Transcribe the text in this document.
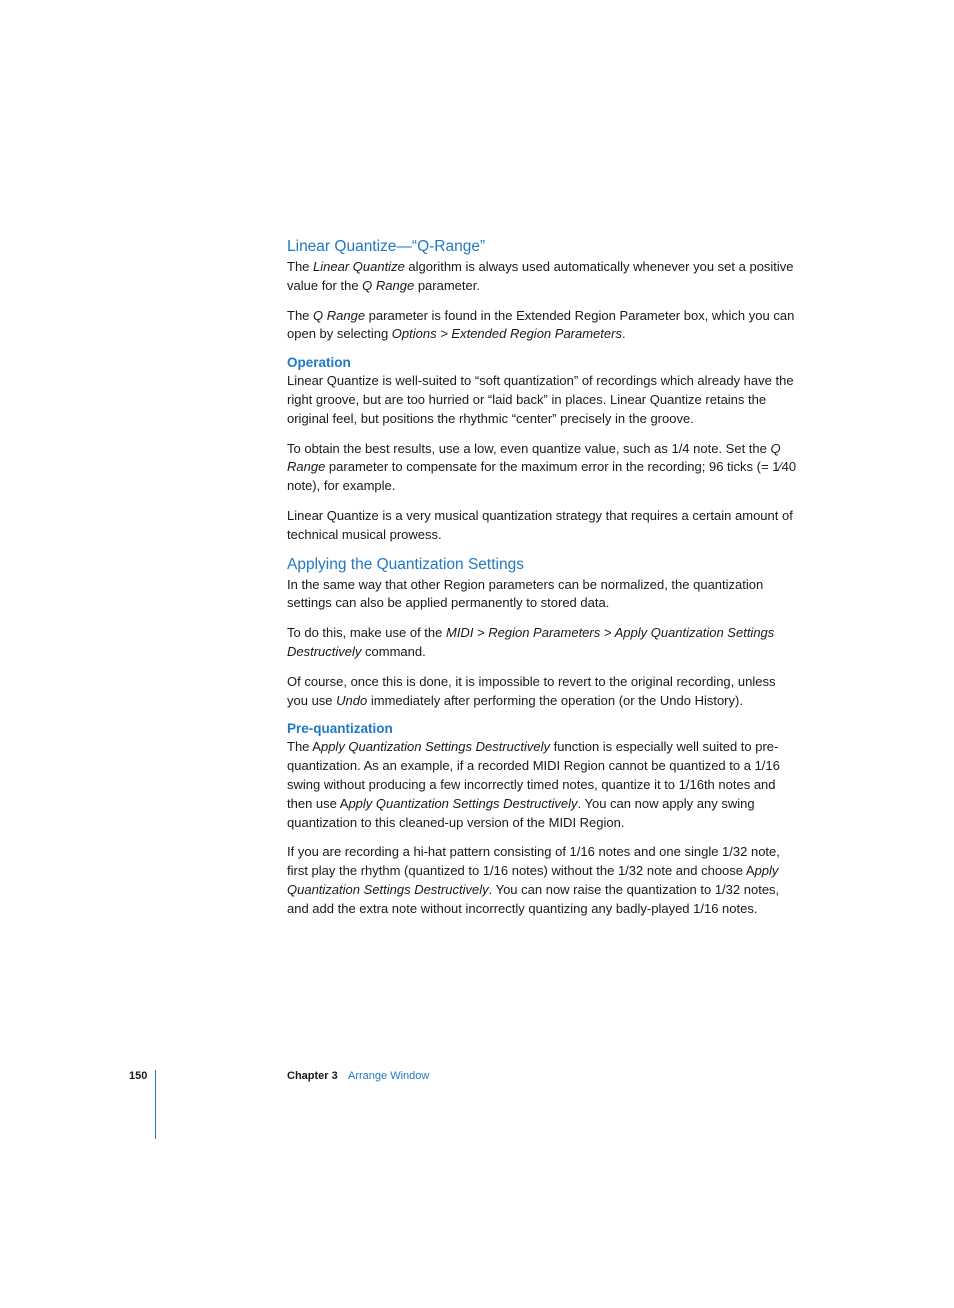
Linear Quantize—“Q-Range”

The Linear Quantize algorithm is always used automatically whenever you set a positive value for the Q Range parameter.

The Q Range parameter is found in the Extended Region Parameter box, which you can open by selecting Options > Extended Region Parameters.

Operation

Linear Quantize is well-suited to “soft quantization” of recordings which already have the right groove, but are too hurried or “laid back” in places. Linear Quantize retains the original feel, but positions the rhythmic “center” precisely in the groove.

To obtain the best results, use a low, even quantize value, such as 1/4 note. Set the Q Range parameter to compensate for the maximum error in the recording; 96 ticks (= 1⁄40 note), for example.

Linear Quantize is a very musical quantization strategy that requires a certain amount of technical musical prowess.

Applying the Quantization Settings

In the same way that other Region parameters can be normalized, the quantization settings can also be applied permanently to stored data.

To do this, make use of the MIDI > Region Parameters > Apply Quantization Settings Destructively command.

Of course, once this is done, it is impossible to revert to the original recording, unless you use Undo immediately after performing the operation (or the Undo History).

Pre-quantization

The Apply Quantization Settings Destructively function is especially well suited to pre-quantization. As an example, if a recorded MIDI Region cannot be quantized to a 1/16 swing without producing a few incorrectly timed notes, quantize it to 1/16th notes and then use Apply Quantization Settings Destructively. You can now apply any swing quantization to this cleaned-up version of the MIDI Region.

If you are recording a hi-hat pattern consisting of 1/16 notes and one single 1/32 note, first play the rhythm (quantized to 1/16 notes) without the 1/32 note and choose Apply Quantization Settings Destructively. You can now raise the quantization to 1/32 notes, and add the extra note without incorrectly quantizing any badly-played 1/16 notes.

150	Chapter 3 Arrange Window
